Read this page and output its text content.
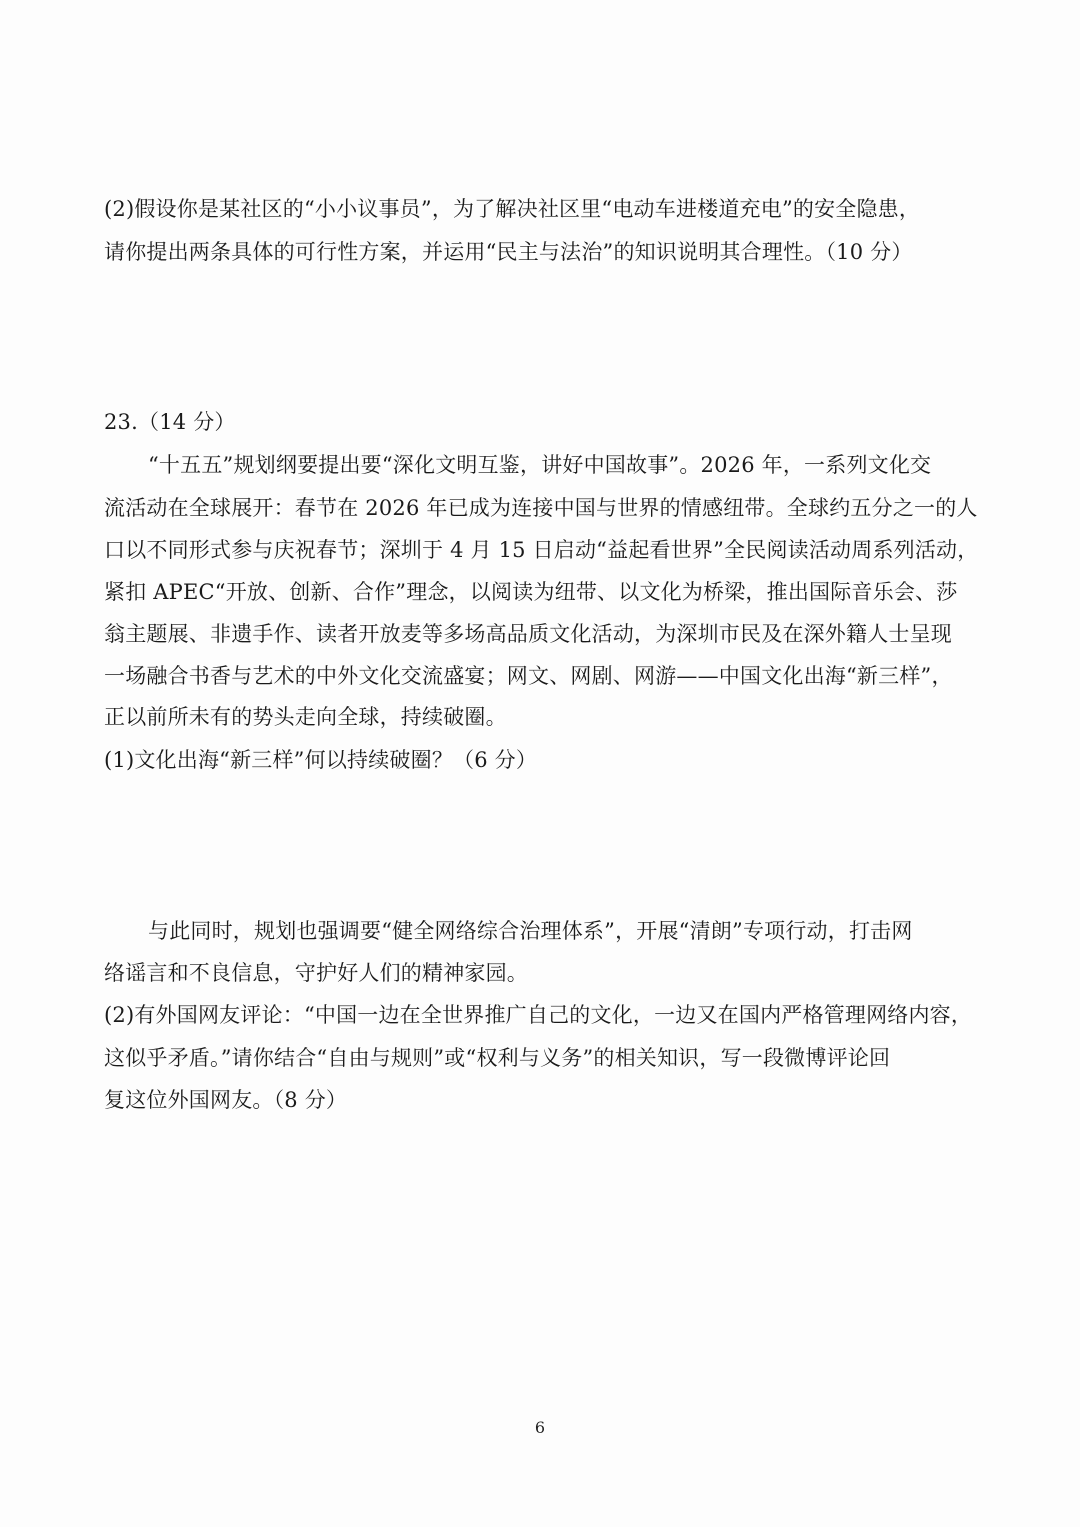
(2)假设你是某社区的“小小议事员”，为了解决社区里“电动车进楼道充电”的安全隐患，
请你提出两条具体的可行性方案，并运用“民主与法治”的知识说明其合理性。（10 分）
23.（14 分）
“十五五”规划纲要提出要“深化文明互鉴，讲好中国故事”。2026 年，一系列文化交
流活动在全球展开：春节在 2026 年已成为连接中国与世界的情感纽带。全球约五分之一的人
口以不同形式参与庆祝春节；深圳于 4 月 15 日启动“益起看世界”全民阅读活动周系列活动，
紧扣 APEC“开放、创新、合作”理念，以阅读为纽带、以文化为桥梁，推出国际音乐会、莎
翁主题展、非遗手作、读者开放麦等多场高品质文化活动，为深圳市民及在深外籍人士呈现
一场融合书香与艺术的中外文化交流盛宴；网文、网剧、网游——中国文化出海“新三样”，
正以前所未有的势头走向全球，持续破圈。
(1)文化出海“新三样”何以持续破圈？（6 分）
与此同时，规划也强调要“健全网络综合治理体系”，开展“清朗”专项行动，打击网
络谣言和不良信息，守护好人们的精神家园。
(2)有外国网友评论：“中国一边在全世界推广自己的文化，一边又在国内严格管理网络内容，
这似乎矛盾。”请你结合“自由与规则”或“权利与义务”的相关知识，写一段微博评论回
复这位外国网友。（8 分）
6
